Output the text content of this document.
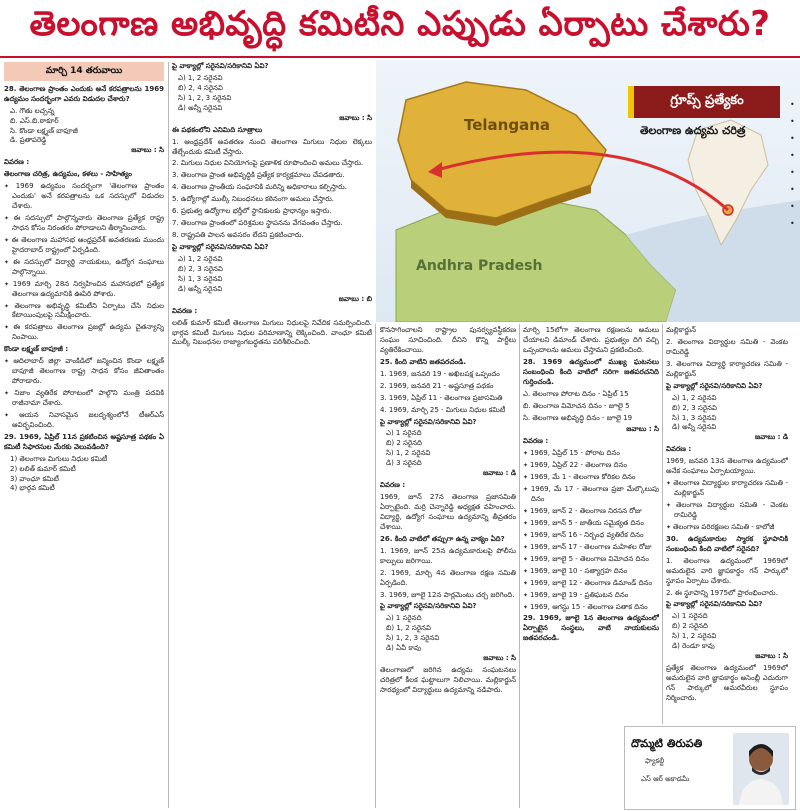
తెలంగాణ అభివృద్ధి కమిటీని ఎప్పుడు ఏర్పాటు చేశారు?
మార్చి 14 తరువాయి

28. తెలంగాణ ప్రాంతం ఎందుకు అనే కరపత్రాలను 1969 ఉద్యమం సందర్భంగా ఎవరు విడుదల చేశారు?

ఎ. గౌతు లచ్చన్న
బి. ఎస్.బి.ఠాకూర్
సి. కొండా లక్ష్మణ్ బాపూజీ
డి. ప్రతాపరెడ్డి

జవాబు : సి

వివరణ :
తెలంగాణ చరిత్ర, ఉద్యమం, కళలు - సాహిత్యం

✦ 1969 ఉద్యమం సందర్భంగా 'తెలంగాణ ప్రాంతం ఎందుకు' అనే కరపత్రాలను ఒక సదస్సులో విడుదల చేశారు.

✦ ఈ సదస్సులో పాల్గొన్నవారు తెలంగాణ ప్రత్యేక రాష్ట్ర సాధన కోసం నిరంతరం పోరాడాలని తీర్మానించారు.

✦ ఈ తెలంగాణ మహాసభ ఆంధ్రప్రదేశ్ అవతరణకు ముందు హైదరాబాద్ రాష్ట్రంలో ఏర్పడింది.

✦ ఈ సదస్సులో విద్యార్థి నాయకులు, ఉద్యోగ సంఘాలు పాల్గొన్నాయి.

✦ 1969 మార్చి 28న నిర్వహించిన మహాసభలో ప్రత్యేక తెలంగాణ ఉద్యమానికి ఊపిరి పోశారు.

✦ తెలంగాణ అభివృద్ధి కమిటీని ఏర్పాటు చేసి నిధుల కేటాయింపులపై సమీక్షించారు.

✦ ఈ కరపత్రాలు తెలంగాణ ప్రజల్లో ఉద్యమ చైతన్యాన్ని నింపాయి.

కొండా లక్ష్మణ్ బాపూజీ :

✦ ఆదిలాబాద్ జిల్లా వాంకిడిలో జన్మించిన కొండా లక్ష్మణ్ బాపూజీ తెలంగాణ రాష్ట్ర సాధన కోసం జీవితాంతం పోరాడారు.

✦ నిజాం వ్యతిరేక పోరాటంలో పాల్గొని మంత్రి పదవికి రాజీనామా చేశారు.

✦ ఆయన నివాసమైన జలదృశ్యంలోనే టీఆర్ఎస్ ఆవిర్భవించింది.

29. 1969, ఏప్రిల్ 11న ప్రకటించిన అష్టసూత్ర పథకం ఏ కమిటీ సిఫారసుల మేరకు వెలువడింది?

1) తెలంగాణ మిగులు నిధుల కమిటీ
2) లలిత్ కుమార్ కమిటీ
3) వాంఛూ కమిటీ
4) భార్గవ కమిటీ

పై వాక్యాల్లో సరైనవి/సరికానివి ఏవి?

ఎ) 1, 2 సరైనవి
బి) 2, 4 సరైనవి
సి) 1, 2, 3 సరైనవి
డి) అన్నీ సరైనవి

జవాబు : సి

ఈ పథకంలోని ఎనిమిది సూత్రాలు

1. ఆంధ్రప్రదేశ్ అవతరణ నుంచి తెలంగాణ మిగులు నిధుల లెక్కలు తేల్చేందుకు కమిటీ వేస్తారు.

2. మిగులు నిధుల వినియోగంపై ప్రణాళిక రూపొందించి అమలు చేస్తారు.

3. తెలంగాణ ప్రాంత అభివృద్ధికి ప్రత్యేక కార్యక్రమాలు చేపడతారు.

4. తెలంగాణ ప్రాంతీయ సంఘానికి మరిన్ని అధికారాలు కల్పిస్తారు.

5. ఉద్యోగాల్లో ముల్కీ నిబంధనలు కఠినంగా అమలు చేస్తారు.

6. ప్రభుత్వ ఉద్యోగాల భర్తీలో స్థానికులకు ప్రాధాన్యం ఇస్తారు.

7. తెలంగాణ ప్రాంతంలో పరిశ్రమల స్థాపనను వేగవంతం చేస్తారు.

8. రాష్ట్రపతి పాలన అవసరం లేదని ప్రకటించారు.

పై వాక్యాల్లో సరైనవి/సరికానివి ఏవి?

ఎ) 1, 2 సరైనవి
బి) 2, 3 సరైనవి
సి) 1, 3 సరైనవి
డి) అన్నీ సరైనవి

జవాబు : బి

వివరణ :

లలిత్ కుమార్ కమిటీ తెలంగాణ మిగులు నిధులపై నివేదిక సమర్పించింది. భార్గవ కమిటీ మిగులు నిధుల పరిమాణాన్ని లెక్కించింది. వాంఛూ కమిటీ ముల్కీ నిబంధనల రాజ్యాంగబద్ధతను పరిశీలించింది.

Telangana
Andhra Pradesh
గ్రూప్స్ ప్రత్యేకం
తెలంగాణ ఉద్యమ చరిత్ర
•
•
•
•
•
•
•
•

కొనసాగించాలని రాష్ట్రాల పునర్వ్యవస్థీకరణ సంఘం సూచించింది. దీనిని కొన్ని పార్టీలు వ్యతిరేకించాయి.

25. కింది వాటిని జతపరచండి.

1. 1969, జనవరి 19 - అఖిలపక్ష ఒప్పందం

2. 1969, జనవరి 21 - అష్టసూత్ర పథకం

3. 1969, ఏప్రిల్ 11 - తెలంగాణ ప్రజాసమితి

4. 1969, మార్చి 25 - మిగులు నిధుల కమిటీ

పై వాక్యాల్లో సరైనవి/సరికానివి ఏవి?

ఎ) 1 సరైనది
బి) 2 సరైనది
సి) 1, 2 సరైనవి
డి) 3 సరైనది

జవాబు : డి

వివరణ :

1969, జూన్ 27న తెలంగాణ ప్రజాసమితి ఏర్పాటైంది. మర్రి చెన్నారెడ్డి అధ్యక్షత వహించారు. విద్యార్థి, ఉద్యోగ సంఘాలు ఉద్యమాన్ని తీవ్రతరం చేశాయి.

26. కింది వాటిలో తప్పుగా ఉన్న వాక్యం ఏది?

1. 1969, జూన్ 25న ఉద్యమకారులపై పోలీసు కాల్పులు జరిగాయి.

2. 1969, మార్చి 4న తెలంగాణ రక్షణ సమితి ఏర్పడింది.

3. 1969, జూలై 12న పార్లమెంటు చర్చ జరిగింది.

పై వాక్యాల్లో సరైనవి/సరికానివి ఏవి?

ఎ) 1 సరైనది
బి) 1, 2 సరైనవి
సి) 1, 2, 3 సరైనవి
డి) ఏవీ కావు

జవాబు : సి

తెలంగాణలో జరిగిన ఉద్యమ సంఘటనలు చరిత్రలో కీలక ఘట్టాలుగా నిలిచాయి. మల్లికార్జున్ సారథ్యంలో విద్యార్థులు ఉద్యమాన్ని నడిపారు.

మార్చి 15లోగా తెలంగాణ రక్షణలను అమలు చేయాలని డిమాండ్ చేశారు. ప్రభుత్వం దిగి వచ్చి ఒప్పందాలను అమలు చేస్తామని ప్రకటించింది.

28. 1969 ఉద్యమంలో ముఖ్య ఘటనలు సంబంధించి కింది వాటిలో సరిగా జతపరచనిది గుర్తించండి.

ఎ. తెలంగాణ పోరాట దినం - ఏప్రిల్ 15

బి. తెలంగాణ విమోచన దినం - జూలై 5

సి. తెలంగాణ అభివృద్ధి దినం - జూలై 19

జవాబు : సి

వివరణ :

✦ 1969, ఏప్రిల్ 15 - పోరాట దినం

✦ 1969, ఏప్రిల్ 22 - తెలంగాణ దినం

✦ 1969, మే 1 - తెలంగాణ కోరికల దినం

✦ 1969, మే 17 - తెలంగాణ ప్రజా మేల్కొలుపు దినం

✦ 1969, జూన్ 2 - తెలంగాణ నిరసన రోజు

✦ 1969, జూన్ 5 - జాతీయ సమైక్యత దినం

✦ 1969, జూన్ 16 - నిర్బంధ వ్యతిరేక దినం

✦ 1969, జూన్ 17 - తెలంగాణ మహిళల రోజు

✦ 1969, జూలై 5 - తెలంగాణ విమోచన దినం

✦ 1969, జూలై 10 - సత్యాగ్రహ దినం

✦ 1969, జూలై 12 - తెలంగాణ డిమాండ్ దినం

✦ 1969, జూలై 19 - ప్రతిఘటన దినం

✦ 1969, ఆగస్టు 15 - తెలంగాణ పతాక దినం

29. 1969, జూలై 1న తెలంగాణ ఉద్యమంలో ఏర్పాటైన సంస్థలు, వాటి నాయకులను జతపరచండి.

మల్లికార్జున్

2. తెలంగాణ విద్యార్థుల సమితి - వెంకట రామిరెడ్డి

3. తెలంగాణ విద్యార్థి కార్యాచరణ సమితి - మల్లికార్జున్

పై వాక్యాల్లో సరైనవి/సరికానివి ఏవి?

ఎ) 1, 2 సరైనవి
బి) 2, 3 సరైనవి
సి) 1, 3 సరైనవి
డి) అన్నీ సరైనవి

జవాబు : డి

వివరణ :

1969, జనవరి 13న తెలంగాణ ఉద్యమంలో అనేక సంఘాలు ఏర్పాటయ్యాయి.

✦ తెలంగాణ విద్యార్థుల కార్యాచరణ సమితి - మల్లికార్జున్

✦ తెలంగాణ విద్యార్థుల సమితి - వెంకట రామిరెడ్డి

✦ తెలంగాణ పరిరక్షణల సమితి - కాలోజీ

30. ఉద్యమకారుల స్మారక స్థూపానికి సంబంధించి కింది వాటిలో సరైనది?

1. తెలంగాణ ఉద్యమంలో 1969లో అమరులైన వారి జ్ఞాపకార్థం గన్ పార్కులో స్థూపం ఏర్పాటు చేశారు.

2. ఈ స్థూపాన్ని 1975లో ప్రారంభించారు.

పై వాక్యాల్లో సరైనవి/సరికానివి ఏవి?

ఎ) 1 సరైనది
బి) 2 సరైనది
సి) 1, 2 సరైనవి
డి) రెండూ కావు

జవాబు : సి

ప్రత్యేక తెలంగాణ ఉద్యమంలో 1969లో అమరులైన వారి జ్ఞాపకార్థం అసెంబ్లీ ఎదురుగా గన్ పార్కులో అమరవీరుల స్థూపం నిర్మించారు.

దొమ్మటి తిరుపతి
ఫ్యాకల్టీ
ఎస్ ఆర్ అకాడమీ
